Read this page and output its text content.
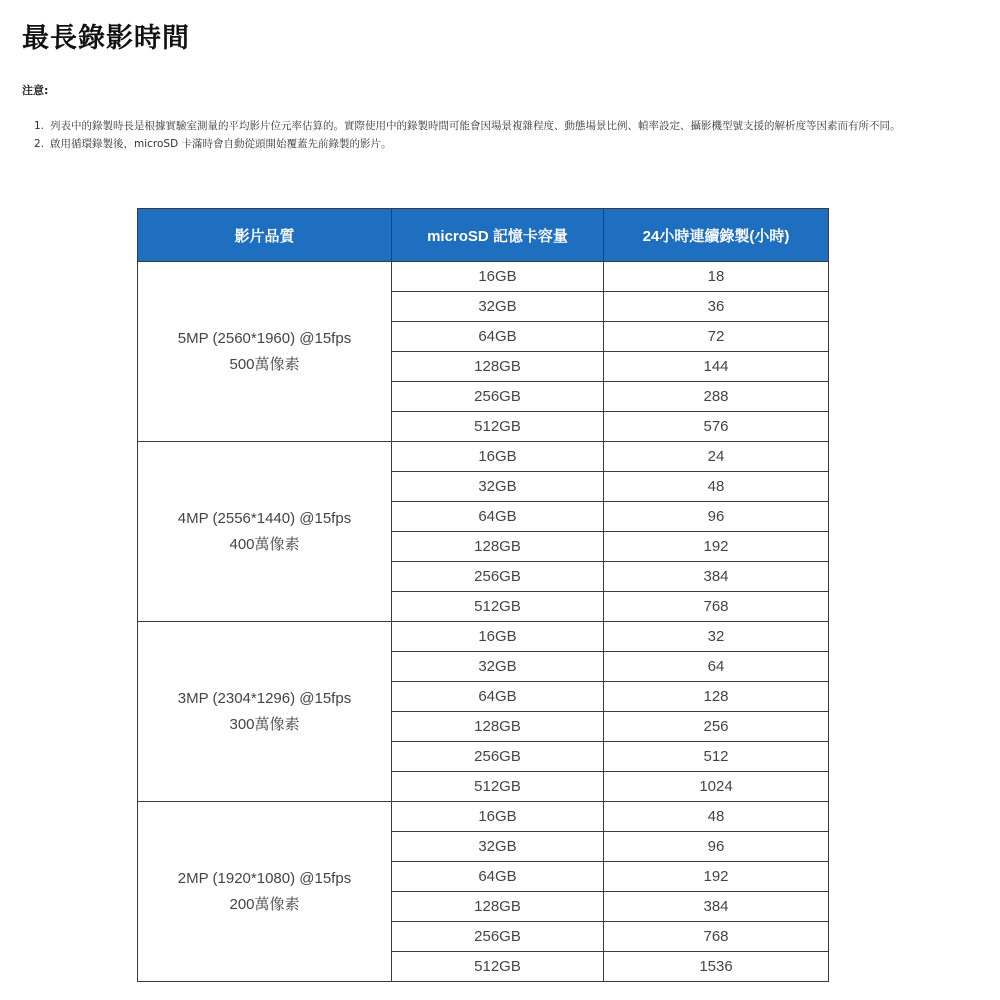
最長錄影時間
注意:
1. 列表中的錄製時長是根據實驗室測量的平均影片位元率估算的。實際使用中的錄製時間可能會因場景複雜程度、動態場景比例、幀率設定、攝影機型號支援的解析度等因素而有所不同。
2. 啟用循環錄製後，microSD 卡滿時會自動從頭開始覆蓋先前錄製的影片。
影片品質	microSD 記憶卡容量	24小時連續錄製(小時)

5MP (2560*1960) @15fps
500萬像素	16GB	18
	32GB	36
	64GB	72
	128GB	144
	256GB	288
	512GB	576

4MP (2556*1440) @15fps
400萬像素	16GB	24
	32GB	48
	64GB	96
	128GB	192
	256GB	384
	512GB	768

3MP (2304*1296) @15fps
300萬像素	16GB	32
	32GB	64
	64GB	128
	128GB	256
	256GB	512
	512GB	1024

2MP (1920*1080) @15fps
200萬像素	16GB	48
	32GB	96
	64GB	192
	128GB	384
	256GB	768
	512GB	1536
